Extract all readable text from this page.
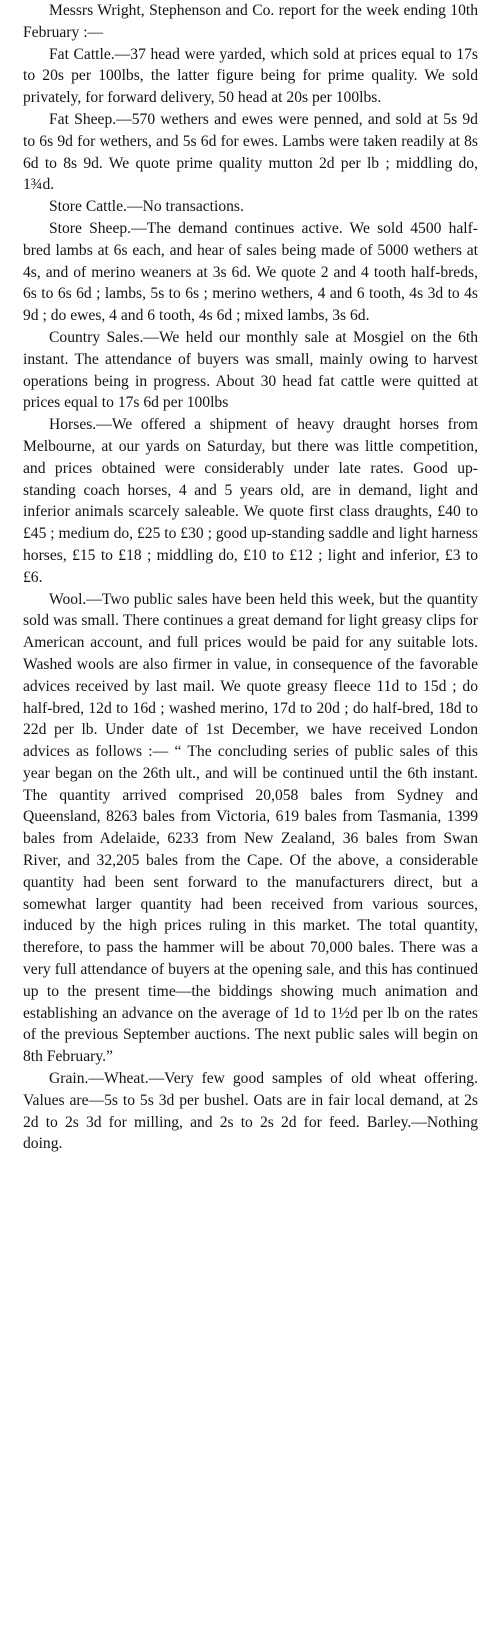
Messrs Wright, Stephenson and Co. report for the week ending 10th February :—

Fat Cattle.—37 head were yarded, which sold at prices equal to 17s to 20s per 100lbs, the latter figure being for prime quality. We sold privately, for forward delivery, 50 head at 20s per 100lbs.

Fat Sheep.—570 wethers and ewes were penned, and sold at 5s 9d to 6s 9d for wethers, and 5s 6d for ewes. Lambs were taken readily at 8s 6d to 8s 9d. We quote prime quality mutton 2d per lb ; middling do, 1¾d.

Store Cattle.—No transactions.

Store Sheep.—The demand continues active. We sold 4500 half-bred lambs at 6s each, and hear of sales being made of 5000 wethers at 4s, and of merino weaners at 3s 6d. We quote 2 and 4 tooth half-breds, 6s to 6s 6d ; lambs, 5s to 6s ; merino wethers, 4 and 6 tooth, 4s 3d to 4s 9d ; do ewes, 4 and 6 tooth, 4s 6d ; mixed lambs, 3s 6d.

Country Sales.—We held our monthly sale at Mosgiel on the 6th instant. The attendance of buyers was small, mainly owing to harvest operations being in progress. About 30 head fat cattle were quitted at prices equal to 17s 6d per 100lbs

Horses.—We offered a shipment of heavy draught horses from Melbourne, at our yards on Saturday, but there was little competition, and prices obtained were considerably under late rates. Good up-standing coach horses, 4 and 5 years old, are in demand, light and inferior animals scarcely saleable. We quote first class draughts, £40 to £45 ; medium do, £25 to £30 ; good up-standing saddle and light harness horses, £15 to £18 ; middling do, £10 to £12 ; light and inferior, £3 to £6.

Wool.—Two public sales have been held this week, but the quantity sold was small. There continues a great demand for light greasy clips for American account, and full prices would be paid for any suitable lots. Washed wools are also firmer in value, in consequence of the favorable advices received by last mail. We quote greasy fleece 11d to 15d ; do half-bred, 12d to 16d ; washed merino, 17d to 20d ; do half-bred, 18d to 22d per lb. Under date of 1st December, we have received London advices as follows :— “ The concluding series of public sales of this year began on the 26th ult., and will be continued until the 6th instant. The quantity arrived comprised 20,058 bales from Sydney and Queensland, 8263 bales from Victoria, 619 bales from Tasmania, 1399 bales from Adelaide, 6233 from New Zealand, 36 bales from Swan River, and 32,205 bales from the Cape. Of the above, a considerable quantity had been sent forward to the manufacturers direct, but a somewhat larger quantity had been received from various sources, induced by the high prices ruling in this market. The total quantity, therefore, to pass the hammer will be about 70,000 bales. There was a very full attendance of buyers at the opening sale, and this has continued up to the present time—the biddings showing much animation and establishing an advance on the average of 1d to 1½d per lb on the rates of the previous September auctions. The next public sales will begin on 8th February.”

Grain.—Wheat.—Very few good samples of old wheat offering. Values are—5s to 5s 3d per bushel. Oats are in fair local demand, at 2s 2d to 2s 3d for milling, and 2s to 2s 2d for feed. Barley.—Nothing doing.
